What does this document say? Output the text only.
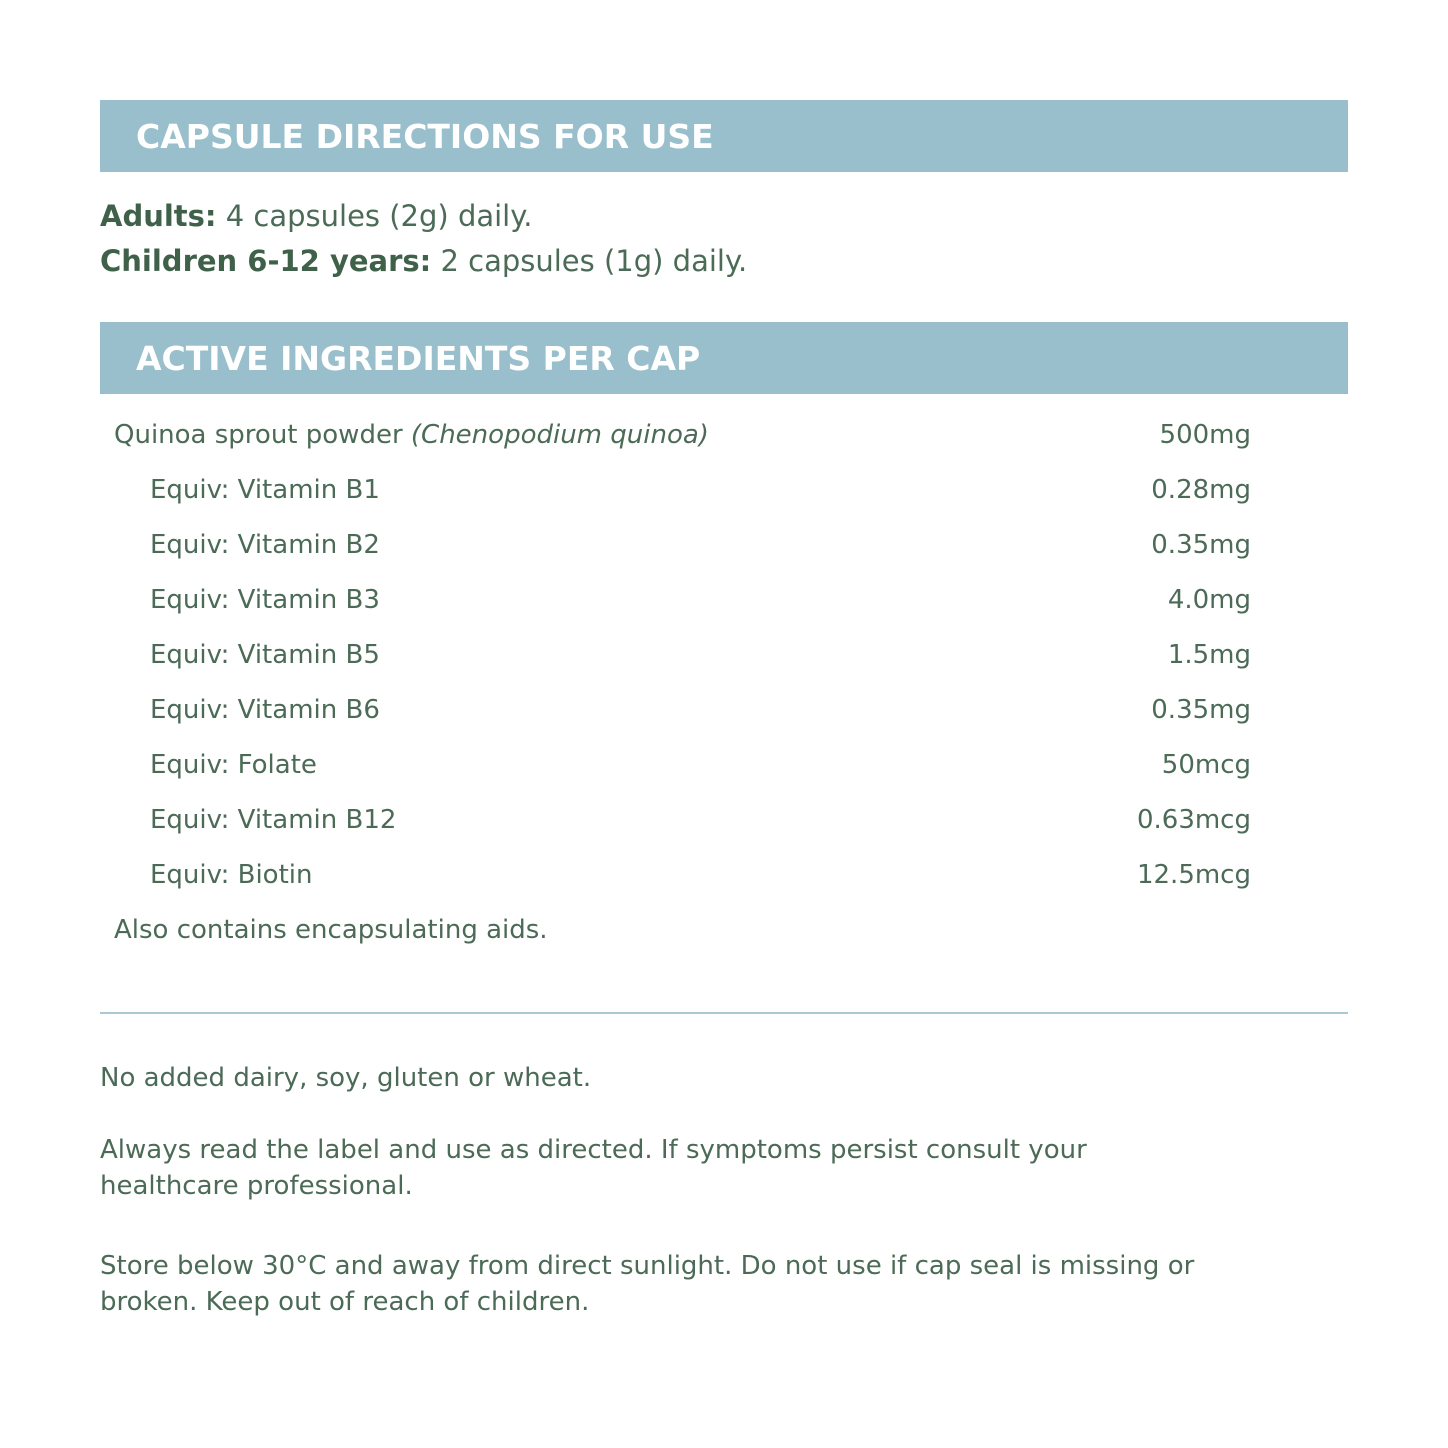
CAPSULE DIRECTIONS FOR USE
Adults: 4 capsules (2g) daily.
Children 6-12 years: 2 capsules (1g) daily.
ACTIVE INGREDIENTS PER CAP
Quinoa sprout powder (Chenopodium quinoa)	500mg
Equiv: Vitamin B1	0.28mg
Equiv: Vitamin B2	0.35mg
Equiv: Vitamin B3	4.0mg
Equiv: Vitamin B5	1.5mg
Equiv: Vitamin B6	0.35mg
Equiv: Folate	50mcg
Equiv: Vitamin B12	0.63mcg
Equiv: Biotin	12.5mcg
Also contains encapsulating aids.

No added dairy, soy, gluten or wheat.

Always read the label and use as directed. If symptoms persist consult your healthcare professional.

Store below 30°C and away from direct sunlight. Do not use if cap seal is missing or broken. Keep out of reach of children.
